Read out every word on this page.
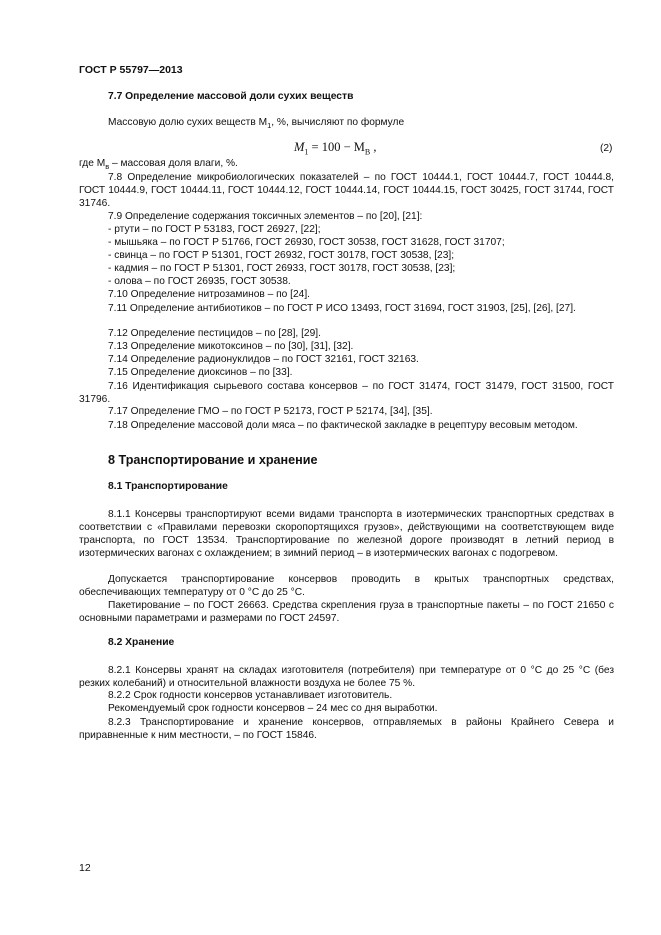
ГОСТ Р 55797—2013
7.7 Определение массовой доли сухих веществ
Массовую долю сухих веществ $М_1$, %, вычисляют по формуле
$M_1 = 100 - M_В$ ,	(2)
где $M_в$ – массовая доля влаги, %.
7.8 Определение микробиологических показателей – по ГОСТ 10444.1, ГОСТ 10444.7, ГОСТ 10444.8, ГОСТ 10444.9, ГОСТ 10444.11, ГОСТ 10444.12, ГОСТ 10444.14, ГОСТ 10444.15, ГОСТ 30425, ГОСТ 31744, ГОСТ 31746.
7.9 Определение содержания токсичных элементов – по [20], [21]:
- ртути – по ГОСТ Р 53183, ГОСТ 26927, [22];
- мышьяка – по ГОСТ Р 51766, ГОСТ 26930, ГОСТ 30538, ГОСТ 31628, ГОСТ 31707;
- свинца – по ГОСТ Р 51301, ГОСТ 26932, ГОСТ 30178, ГОСТ 30538, [23];
- кадмия – по ГОСТ Р 51301, ГОСТ 26933, ГОСТ 30178, ГОСТ 30538, [23];
- олова – по ГОСТ 26935, ГОСТ 30538.
7.10 Определение нитрозаминов – по [24].
7.11 Определение антибиотиков – по ГОСТ Р ИСО 13493, ГОСТ 31694, ГОСТ 31903, [25], [26], [27].
7.12 Определение пестицидов – по [28], [29].
7.13 Определение микотоксинов – по [30], [31], [32].
7.14 Определение радионуклидов – по ГОСТ 32161, ГОСТ 32163.
7.15 Определение диоксинов – по [33].
7.16 Идентификация сырьевого состава консервов – по ГОСТ 31474, ГОСТ 31479, ГОСТ 31500, ГОСТ 31796.
7.17 Определение ГМО – по ГОСТ Р 52173, ГОСТ Р 52174, [34], [35].
7.18 Определение массовой доли мяса – по фактической закладке в рецептуру весовым методом.
8 Транспортирование и хранение
8.1 Транспортирование
8.1.1 Консервы транспортируют всеми видами транспорта в изотермических транспортных средствах в соответствии с «Правилами перевозки скоропортящихся грузов», действующими на соответствующем виде транспорта, по ГОСТ 13534. Транспортирование по железной дороге производят в летний период в изотермических вагонах с охлаждением; в зимний период – в изотермических вагонах с подогревом.
Допускается транспортирование консервов проводить в крытых транспортных средствах, обеспечивающих температуру от 0 °С до 25 °С.
Пакетирование – по ГОСТ 26663. Средства скрепления груза в транспортные пакеты – по ГОСТ 21650 с основными параметрами и размерами по ГОСТ 24597.
8.2 Хранение
8.2.1 Консервы хранят на складах изготовителя (потребителя) при температуре от 0 °С до 25 °С (без резких колебаний) и относительной влажности воздуха не более 75 %.
8.2.2 Срок годности консервов устанавливает изготовитель.
Рекомендуемый срок годности консервов – 24 мес со дня выработки.
8.2.3 Транспортирование и хранение консервов, отправляемых в районы Крайнего Севера и приравненные к ним местности, – по ГОСТ 15846.
12
